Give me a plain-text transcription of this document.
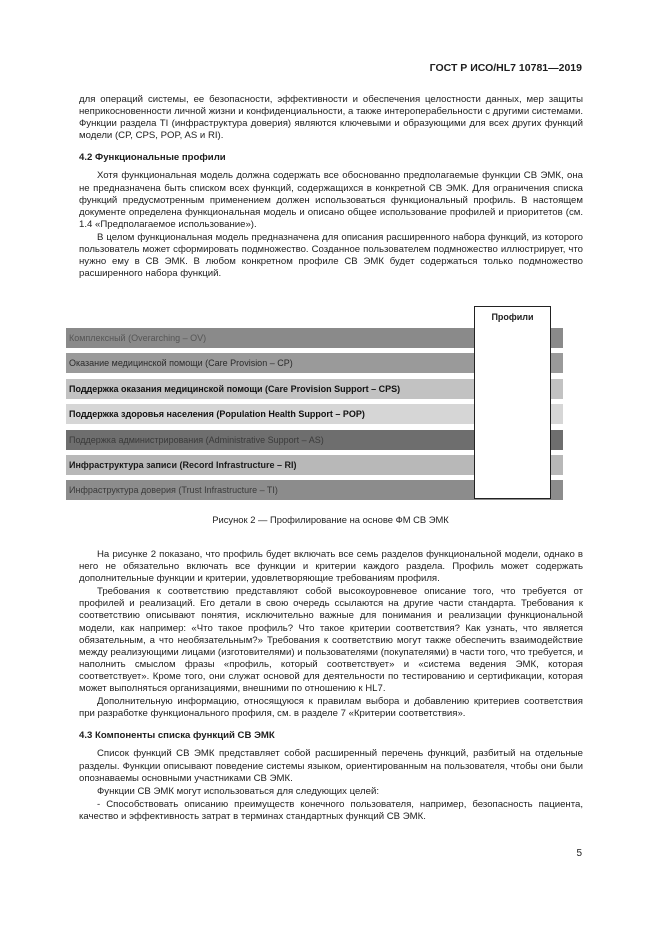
ГОСТ Р ИСО/HL7 10781—2019

для операций системы, ее безопасности, эффективности и обеспечения целостности данных, мер защиты неприкосновенности личной жизни и конфиденциальности, а также интероперабельности с другими системами. Функции раздела TI (инфраструктура доверия) являются ключевыми и образующими для всех других функций модели (CP, CPS, POP, AS и RI).

4.2 Функциональные профили

Хотя функциональная модель должна содержать все обоснованно предполагаемые функции СВ ЭМК, она не предназначена быть списком всех функций, содержащихся в конкретной СВ ЭМК. Для ограничения списка функций предусмотренным применением должен использоваться функциональный профиль. В настоящем документе определена функциональная модель и описано общее использование профилей и приоритетов (см. 1.4 «Предполагаемое использование»).

В целом функциональная модель предназначена для описания расширенного набора функций, из которого пользователь может сформировать подмножество. Созданное пользователем подмножество иллюстрирует, что нужно ему в СВ ЭМК. В любом конкретном профиле СВ ЭМК будет содержаться только подмножество расширенного набора функций.

Комплексный (Overarching – OV)
Оказание медицинской помощи (Care Provision – CP)
Поддержка оказания медицинской помощи (Care Provision Support – CPS)
Поддержка здоровья населения (Population Health Support – POP)
Поддержка администрирования (Administrative Support – AS)
Инфраструктура записи (Record Infrastructure – RI)
Инфраструктура доверия (Trust Infrastructure – TI)
Профили
Рисунок 2 — Профилирование на основе ФМ СВ ЭМК

На рисунке 2 показано, что профиль будет включать все семь разделов функциональной модели, однако в него не обязательно включать все функции и критерии каждого раздела. Профиль может содержать дополнительные функции и критерии, удовлетворяющие требованиям профиля.

Требования к соответствию представляют собой высокоуровневое описание того, что требуется от профилей и реализаций. Его детали в свою очередь ссылаются на другие части стандарта. Требования к соответствию описывают понятия, исключительно важные для понимания и реализации функциональной модели, как например: «Что такое профиль? Что такое критерии соответствия? Как узнать, что является обязательным, а что необязательным?» Требования к соответствию могут также обеспечить взаимодействие между реализующими лицами (изготовителями) и пользователями (покупателями) в части того, что требуется, и наполнить смыслом фразы «профиль, который соответствует» и «система ведения ЭМК, которая соответствует». Кроме того, они служат основой для деятельности по тестированию и сертификации, которая может выполняться организациями, внешними по отношению к HL7.

Дополнительную информацию, относящуюся к правилам выбора и добавлению критериев соответствия при разработке функционального профиля, см. в разделе 7 «Критерии соответствия».

4.3 Компоненты списка функций СВ ЭМК

Список функций СВ ЭМК представляет собой расширенный перечень функций, разбитый на отдельные разделы. Функции описывают поведение системы языком, ориентированным на пользователя, чтобы они были опознаваемы основными участниками СВ ЭМК.

Функции СВ ЭМК могут использоваться для следующих целей:

- Способствовать описанию преимуществ конечного пользователя, например, безопасность пациента, качество и эффективность затрат в терминах стандартных функций СВ ЭМК.

5
